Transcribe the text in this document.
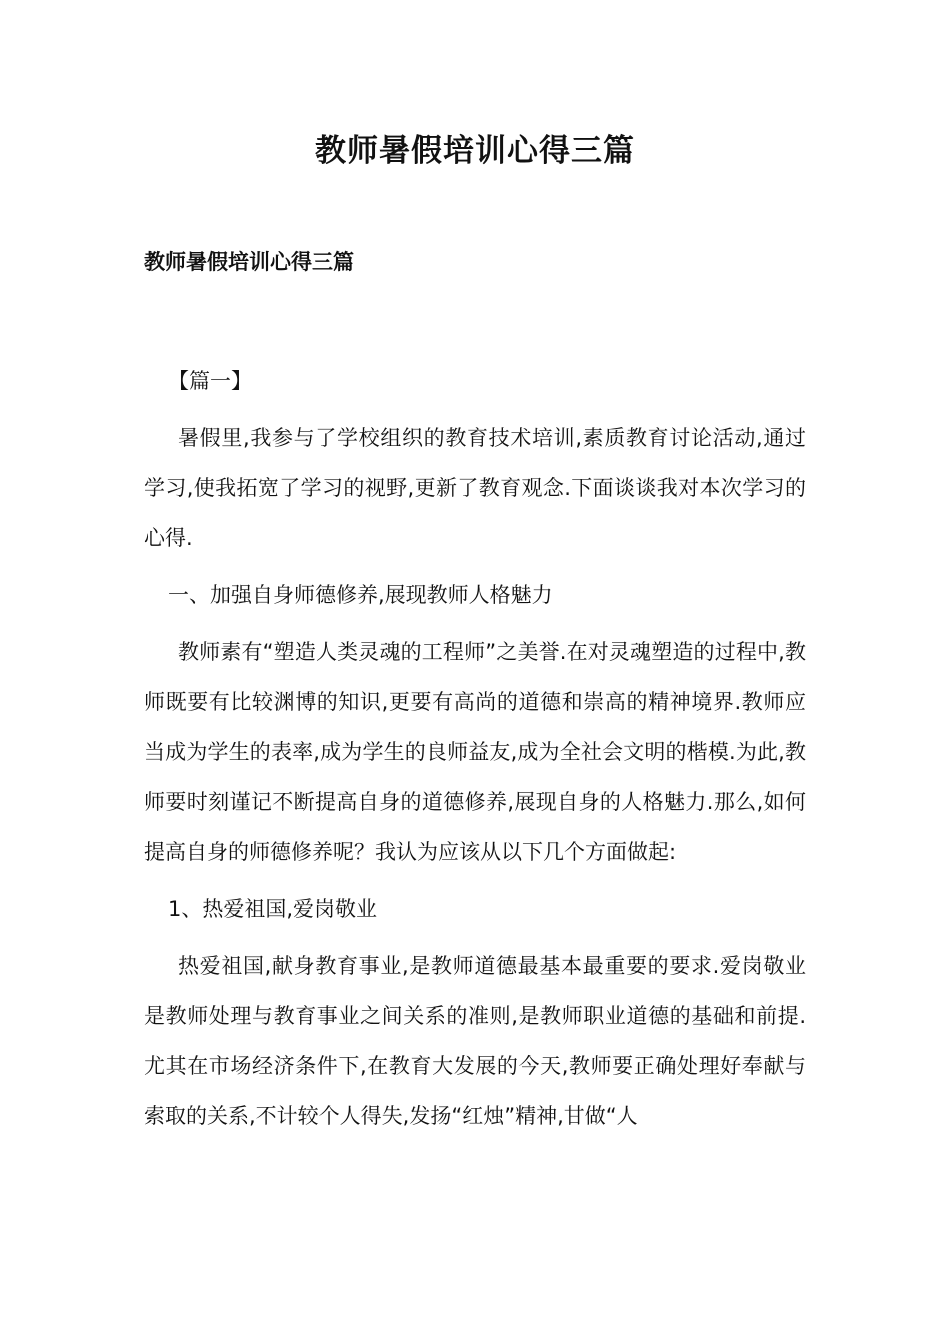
教师暑假培训心得三篇
教师暑假培训心得三篇

【篇一】

暑假里,我参与了学校组织的教育技术培训,素质教育讨论活动,通过学习,使我拓宽了学习的视野,更新了教育观念.下面谈谈我对本次学习的心得.

一、加强自身师德修养,展现教师人格魅力

教师素有“塑造人类灵魂的工程师”之美誉.在对灵魂塑造的过程中,教师既要有比较渊博的知识,更要有高尚的道德和崇高的精神境界.教师应当成为学生的表率,成为学生的良师益友,成为全社会文明的楷模.为此,教师要时刻谨记不断提高自身的道德修养,展现自身的人格魅力.那么,如何提高自身的师德修养呢？我认为应该从以下几个方面做起:

1、热爱祖国,爱岗敬业

热爱祖国,献身教育事业,是教师道德最基本最重要的要求.爱岗敬业是教师处理与教育事业之间关系的准则,是教师职业道德的基础和前提.尤其在市场经济条件下,在教育大发展的今天,教师要正确处理好奉献与索取的关系,不计较个人得失,发扬“红烛”精神,甘做“人
